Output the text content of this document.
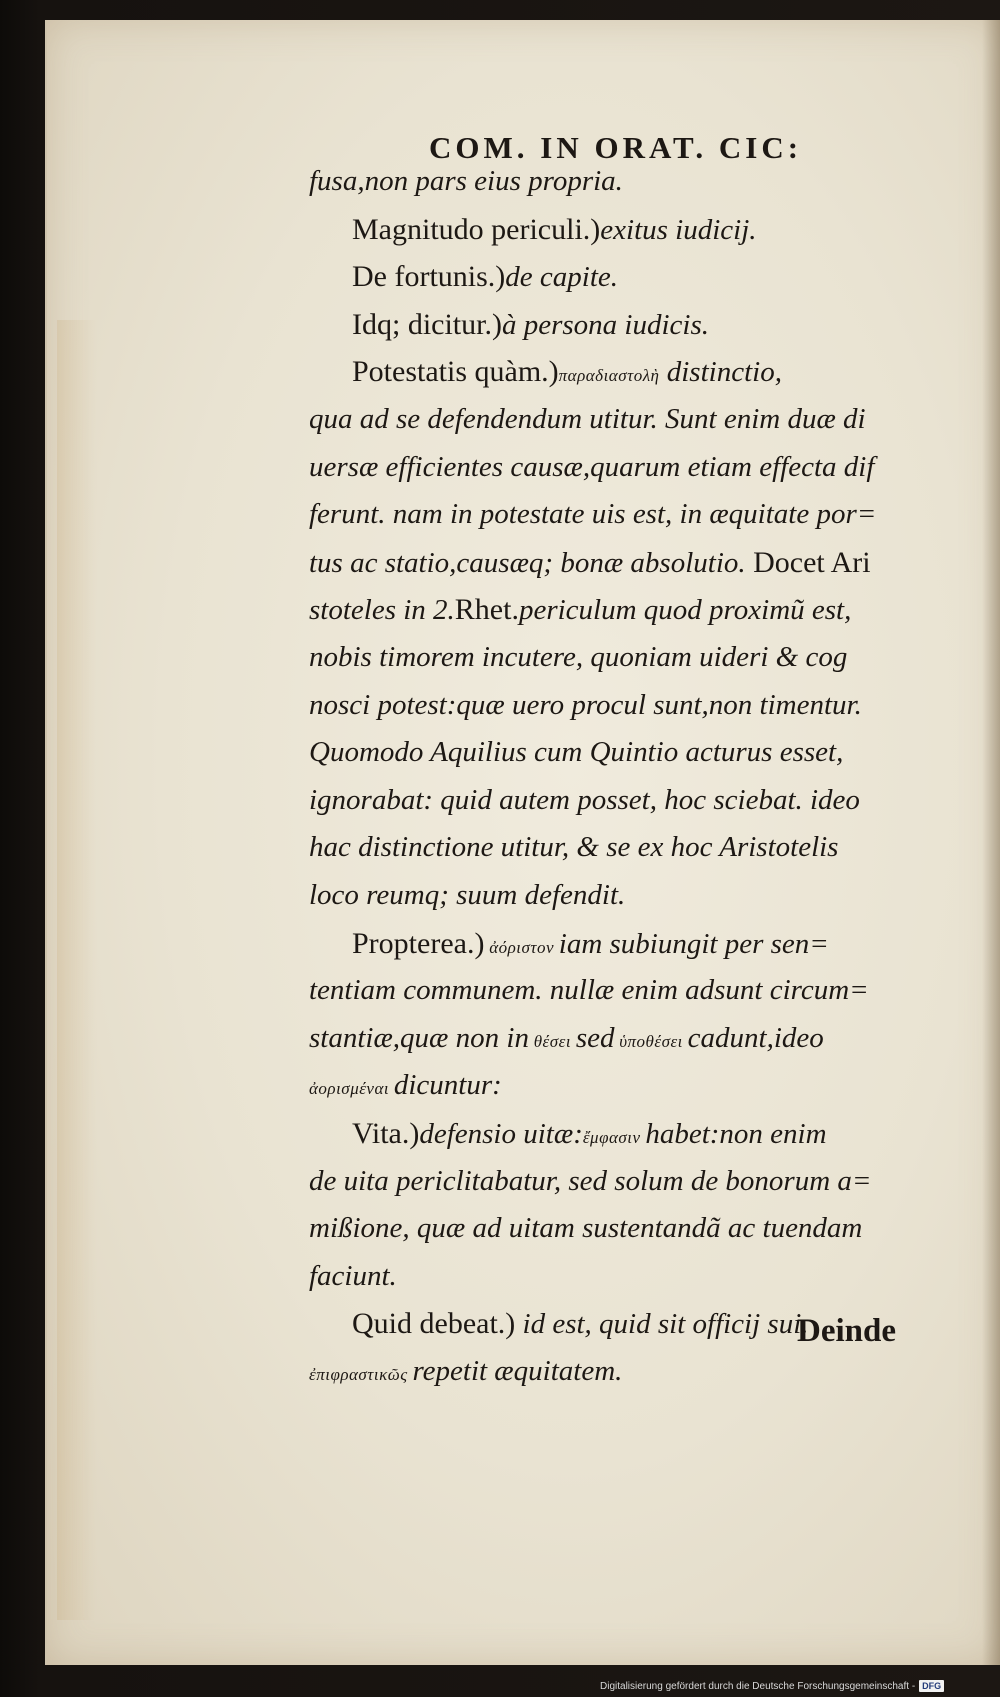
COM. IN ORAT. CIC:
fusa,non pars eius propria.
Magnitudo periculi.)exitus iudicij.
De fortunis.)de capite.
Idq; dicitur.)à persona iudicis.
Potestatis quàm.)παραδιαστολὴ distinctio,
qua ad se defendendum utitur. Sunt enim duæ di
uersæ efficientes causæ,quarum etiam effecta dif
ferunt. nam in potestate uis est, in æquitate por=
tus ac statio,causæq; bonæ absolutio. Docet Ari
stoteles in 2.Rhet.periculum quod proximũ est,
nobis timorem incutere, quoniam uideri & cog
nosci potest:quæ uero procul sunt,non timentur.
Quomodo Aquilius cum Quintio acturus esset,
ignorabat: quid autem posset, hoc sciebat. ideo
hac distinctione utitur, & se ex hoc Aristotelis
loco reumq; suum defendit.
Propterea.) ἀόριστον iam subiungit per sen=
tentiam communem. nullæ enim adsunt circum=
stantiæ,quæ non in θέσει sed ὑποθέσει cadunt,ideo
ἀορισμέναι dicuntur:
Vita.)defensio uitæ:ἔμφασιν habet:non enim
de uita periclitabatur, sed solum de bonorum a=
mißione, quæ ad uitam sustentandã ac tuendam
faciunt.
Quid debeat.) id est, quid sit officij sui.
ἐπιφραστικῶς repetit æquitatem.
Deinde
Digitalisierung gefördert durch die Deutsche Forschungsgemeinschaft - DFG
